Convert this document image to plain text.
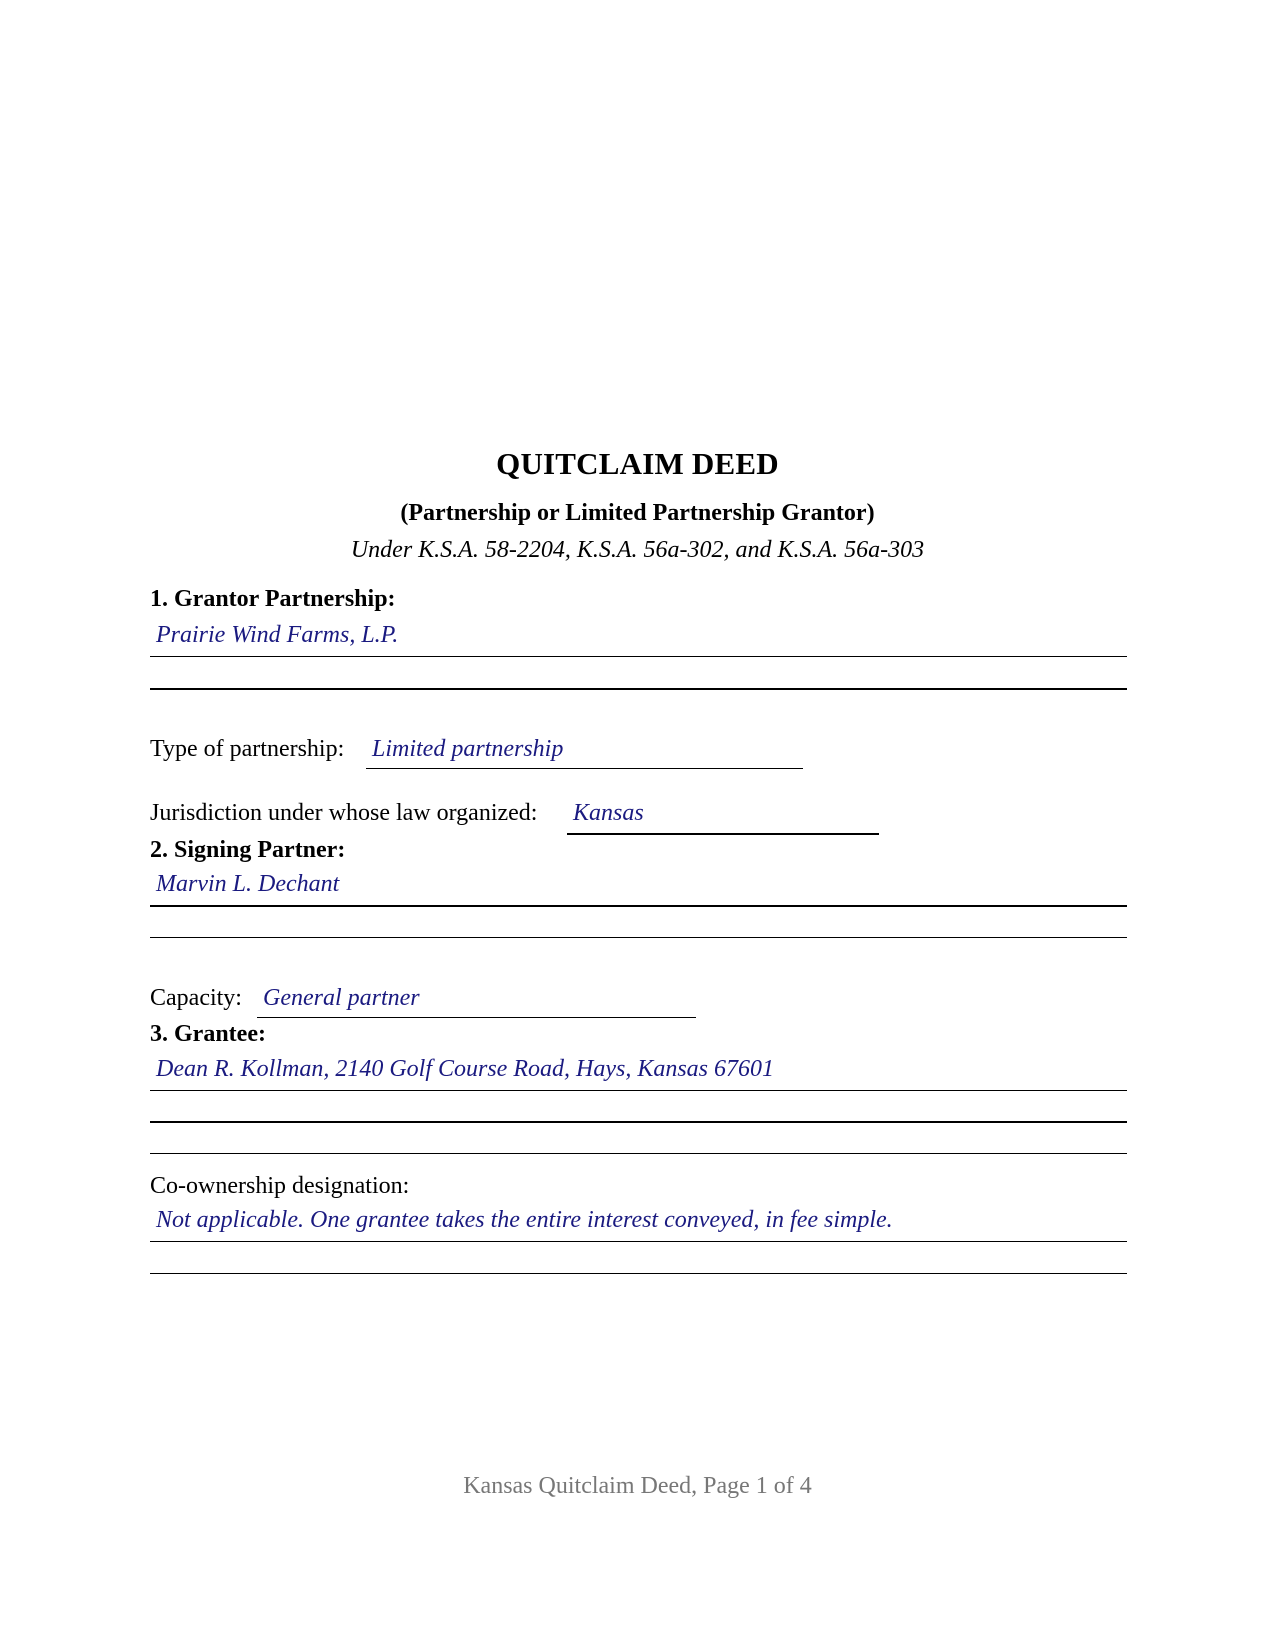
QUITCLAIM DEED
(Partnership or Limited Partnership Grantor)
Under K.S.A. 58-2204, K.S.A. 56a-302, and K.S.A. 56a-303
1. Grantor Partnership:
Prairie Wind Farms, L.P.
Type of partnership: Limited partnership
Jurisdiction under whose law organized: Kansas
2. Signing Partner:
Marvin L. Dechant
Capacity: General partner
3. Grantee:
Dean R. Kollman, 2140 Golf Course Road, Hays, Kansas 67601
Co-ownership designation:
Not applicable. One grantee takes the entire interest conveyed, in fee simple.
Kansas Quitclaim Deed, Page 1 of 4
